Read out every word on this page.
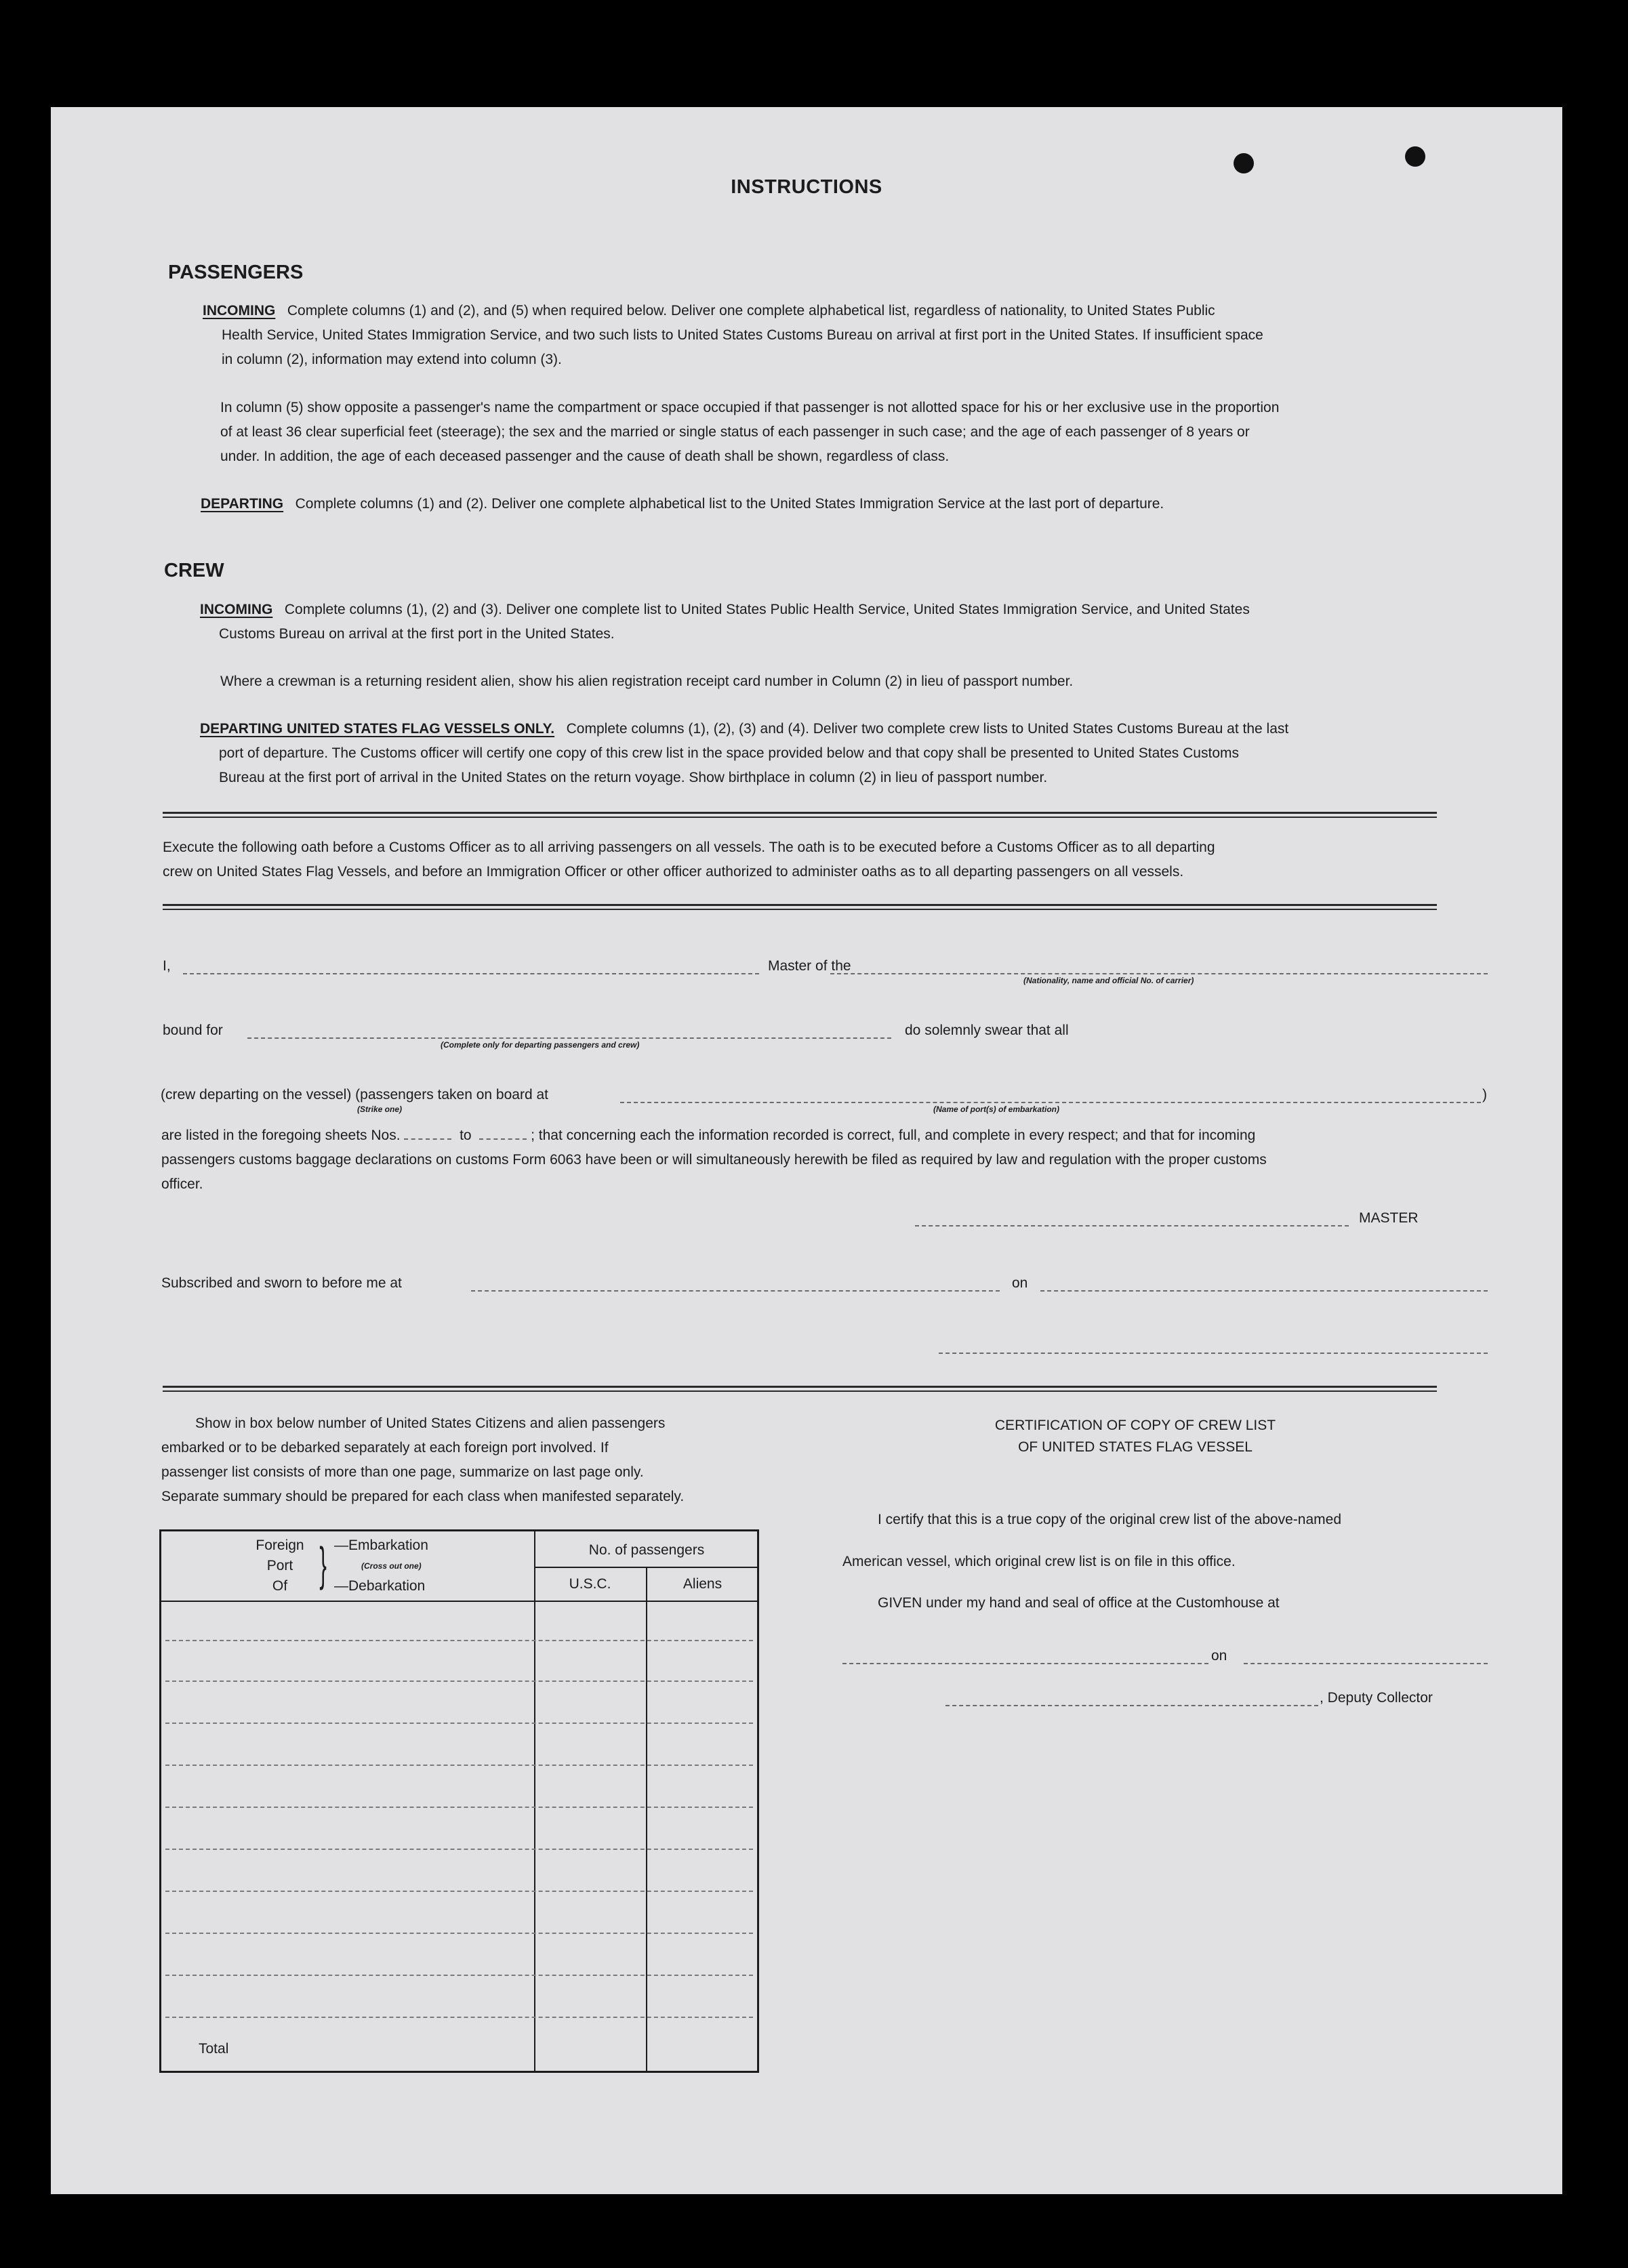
INSTRUCTIONS
PASSENGERS
INCOMING Complete columns (1) and (2), and (5) when required below. Deliver one complete alphabetical list, regardless of nationality, to United States Public
Health Service, United States Immigration Service, and two such lists to United States Customs Bureau on arrival at first port in the United States. If insufficient space
in column (2), information may extend into column (3).
In column (5) show opposite a passenger's name the compartment or space occupied if that passenger is not allotted space for his or her exclusive use in the proportion
of at least 36 clear superficial feet (steerage); the sex and the married or single status of each passenger in such case; and the age of each passenger of 8 years or
under. In addition, the age of each deceased passenger and the cause of death shall be shown, regardless of class.
DEPARTING Complete columns (1) and (2). Deliver one complete alphabetical list to the United States Immigration Service at the last port of departure.
CREW
INCOMING Complete columns (1), (2) and (3). Deliver one complete list to United States Public Health Service, United States Immigration Service, and United States
Customs Bureau on arrival at the first port in the United States.
Where a crewman is a returning resident alien, show his alien registration receipt card number in Column (2) in lieu of passport number.
DEPARTING UNITED STATES FLAG VESSELS ONLY. Complete columns (1), (2), (3) and (4). Deliver two complete crew lists to United States Customs Bureau at the last
port of departure. The Customs officer will certify one copy of this crew list in the space provided below and that copy shall be presented to United States Customs
Bureau at the first port of arrival in the United States on the return voyage. Show birthplace in column (2) in lieu of passport number.
Execute the following oath before a Customs Officer as to all arriving passengers on all vessels. The oath is to be executed before a Customs Officer as to all departing
crew on United States Flag Vessels, and before an Immigration Officer or other officer authorized to administer oaths as to all departing passengers on all vessels.
I,	Master of the
(Nationality, name and official No. of carrier)
bound for
(Complete only for departing passengers and crew)
do solemnly swear that all
(crew departing on the vessel) (passengers taken on board at	)
(Strike one)	(Name of port(s) of embarkation)
are listed in the foregoing sheets Nos.	to	; that concerning each the information recorded is correct, full, and complete in every respect; and that for incoming
passengers customs baggage declarations on customs Form 6063 have been or will simultaneously herewith be filed as required by law and regulation with the proper customs
officer.
MASTER
Subscribed and sworn to before me at	on
Show in box below number of United States Citizens and alien passengers
embarked or to be debarked separately at each foreign port involved. If
passenger list consists of more than one page, summarize on last page only.
Separate summary should be prepared for each class when manifested separately.
Foreign
Port
Of } —Embarkation
(Cross out one)
—Debarkation
No. of passengers
U.S.C.	Aliens
Total
CERTIFICATION OF COPY OF CREW LIST
OF UNITED STATES FLAG VESSEL
I certify that this is a true copy of the original crew list of the above-named
American vessel, which original crew list is on file in this office.
GIVEN under my hand and seal of office at the Customhouse at
on
, Deputy Collector
